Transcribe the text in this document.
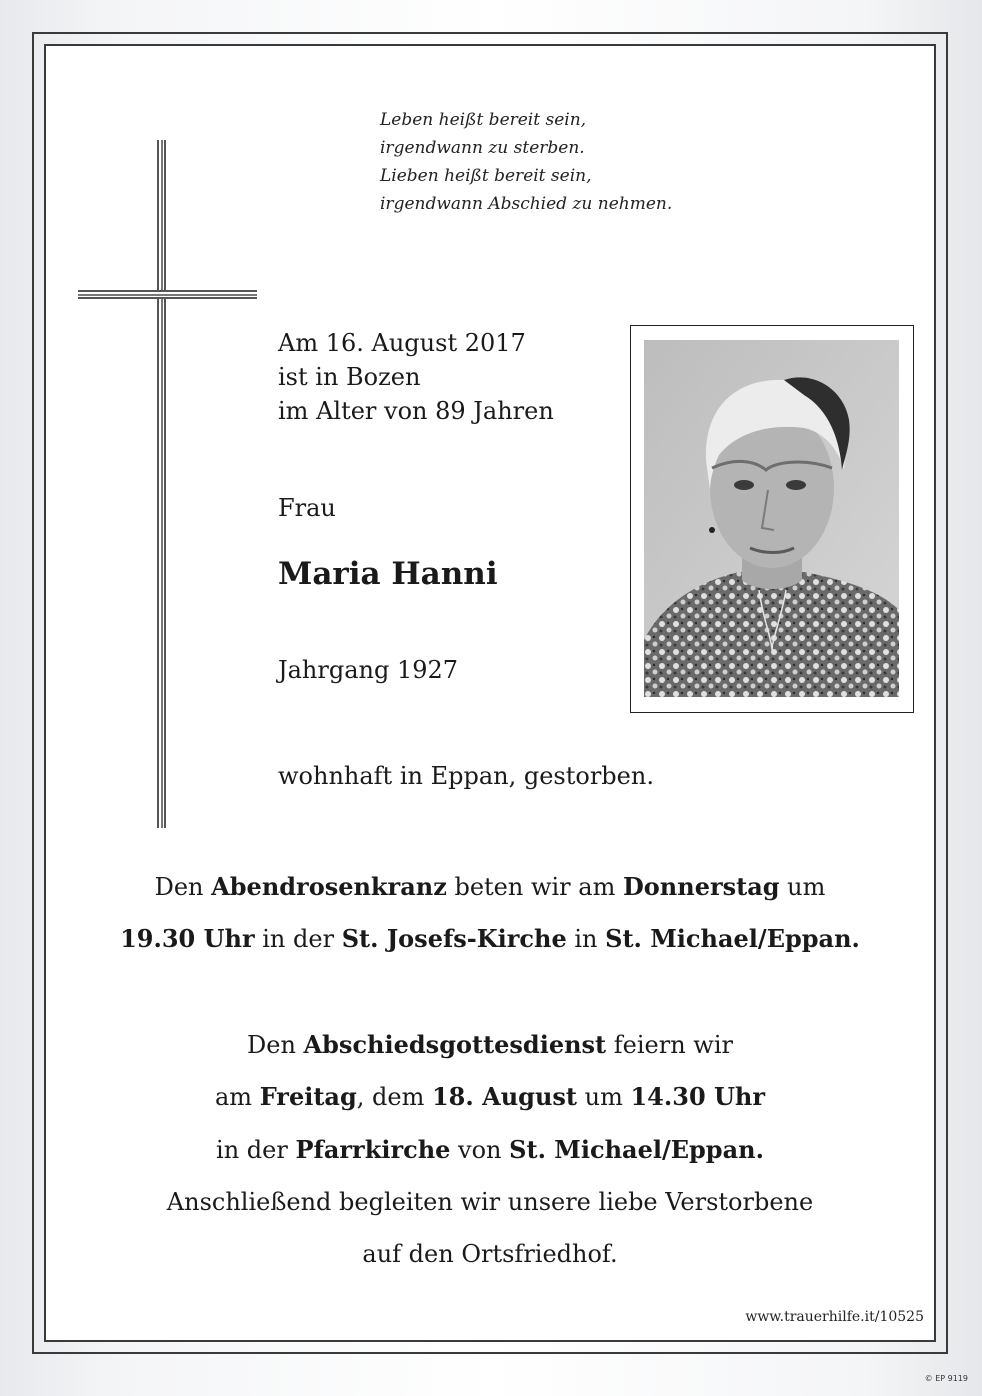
Leben heißt bereit sein,
irgendwann zu sterben.
Lieben heißt bereit sein,
irgendwann Abschied zu nehmen.
Am 16. August 2017
ist in Bozen
im Alter von 89 Jahren
Frau
Maria Hanni
Jahrgang 1927
wohnhaft in Eppan, gestorben.
Den Abendrosenkranz beten wir am Donnerstag um
19.30 Uhr in der St. Josefs-Kirche in St. Michael/Eppan.
Den Abschiedsgottesdienst feiern wir
am Freitag, dem 18. August um 14.30 Uhr
in der Pfarrkirche von St. Michael/Eppan.
Anschließend begleiten wir unsere liebe Verstorbene
auf den Ortsfriedhof.
www.trauerhilfe.it/10525
© EP 9119
